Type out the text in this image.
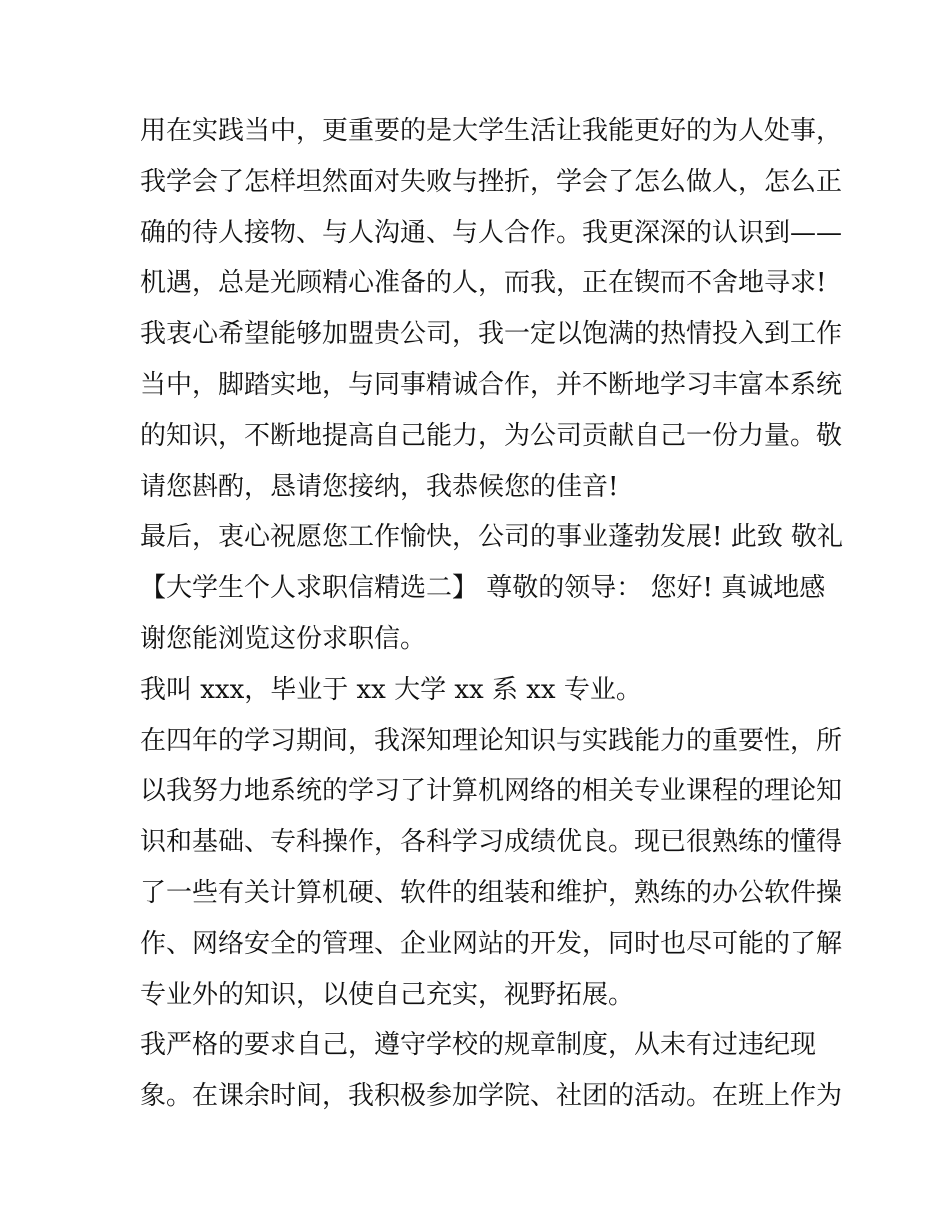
用在实践当中，更重要的是大学生活让我能更好的为人处事，
我学会了怎样坦然面对失败与挫折，学会了怎么做人，怎么正
确的待人接物、与人沟通、与人合作。我更深深的认识到——
机遇，总是光顾精心准备的人，而我，正在锲而不舍地寻求!
我衷心希望能够加盟贵公司，我一定以饱满的热情投入到工作
当中，脚踏实地，与同事精诚合作，并不断地学习丰富本系统
的知识，不断地提高自己能力，为公司贡献自己一份力量。敬
请您斟酌，恳请您接纳，我恭候您的佳音!
最后，衷心祝愿您工作愉快，公司的事业蓬勃发展! 此致 敬礼
【大学生个人求职信精选二】 尊敬的领导： 您好! 真诚地感
谢您能浏览这份求职信。
我叫 xxx，毕业于 xx 大学 xx 系 xx 专业。
在四年的学习期间，我深知理论知识与实践能力的重要性，所
以我努力地系统的学习了计算机网络的相关专业课程的理论知
识和基础、专科操作，各科学习成绩优良。现已很熟练的懂得
了一些有关计算机硬、软件的组装和维护，熟练的办公软件操
作、网络安全的管理、企业网站的开发，同时也尽可能的了解
专业外的知识，以使自己充实，视野拓展。
我严格的要求自己，遵守学校的规章制度，从未有过违纪现
象。在课余时间，我积极参加学院、社团的活动。在班上作为
